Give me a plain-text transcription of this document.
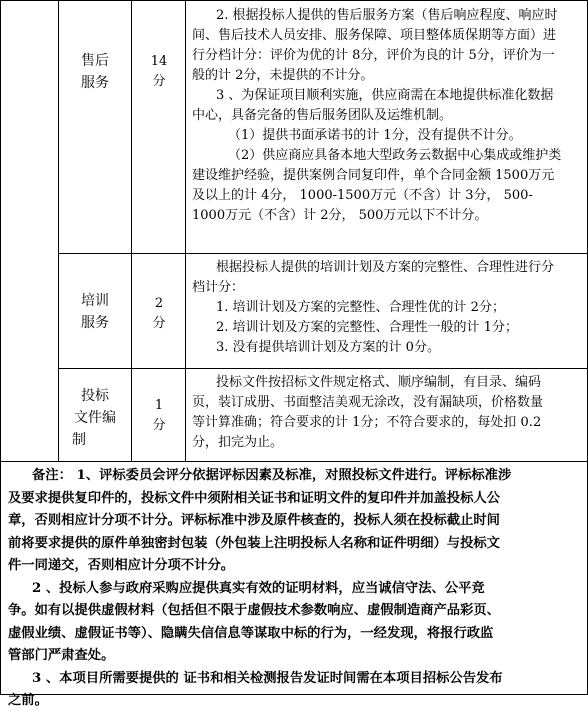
售后
服务
14
分
2. 根据投标人提供的售后服务方案（售后响应程度、响应时
间、售后技术人员安排、服务保障、项目整体质保期等方面）进
行分档计分：评价为优的计 8分，评价为良的计 5分，评价为一
般的计 2分，未提供的不计分。
3 、为保证项目顺利实施，供应商需在本地提供标准化数据
中心，具备完备的售后服务团队及运维机制。
（1）提供书面承诺书的计 1分，没有提供不计分。
（2）供应商应具备本地大型政务云数据中心集成或维护类
建设维护经验，提供案例合同复印件，单个合同金额 1500万元
及以上的计 4分， 1000-1500万元（不含）计 3分， 500-
1000万元（不含）计 2分， 500万元以下不计分。
培训
服务
2
分
根据投标人提供的培训计划及方案的完整性、合理性进行分
档计分：
1. 培训计划及方案的完整性、合理性优的计 2分；
2. 培训计划及方案的完整性、合理性一般的计 1分；
3. 没有提供培训计划及方案的计 0分。
投标
文件编
制
1
分
投标文件按招标文件规定格式、顺序编制，有目录、编码
页，装订成册、书面整洁美观无涂改，没有漏缺项，价格数量
等计算准确；符合要求的计 1分；不符合要求的，每处扣 0.2
分，扣完为止。
备注： 1、评标委员会评分依据评标因素及标准，对照投标文件进行。评标标准涉
及要求提供复印件的，投标文件中须附相关证书和证明文件的复印件并加盖投标人公
章，否则相应计分项不计分。评标标准中涉及原件核查的，投标人须在投标截止时间
前将要求提供的原件单独密封包装（外包装上注明投标人名称和证件明细）与投标文
件一同递交，否则相应计分项不计分。
2 、投标人参与政府采购应提供真实有效的证明材料，应当诚信守法、公平竞
争。如有以提供虚假材料（包括但不限于虚假技术参数响应、虚假制造商产品彩页、
虚假业绩、虚假证书等）、隐瞒失信信息等谋取中标的行为，一经发现，将报行政监
管部门严肃查处。
3 、本项目所需要提供的 证书和相关检测报告发证时间需在本项目招标公告发布
之前。
